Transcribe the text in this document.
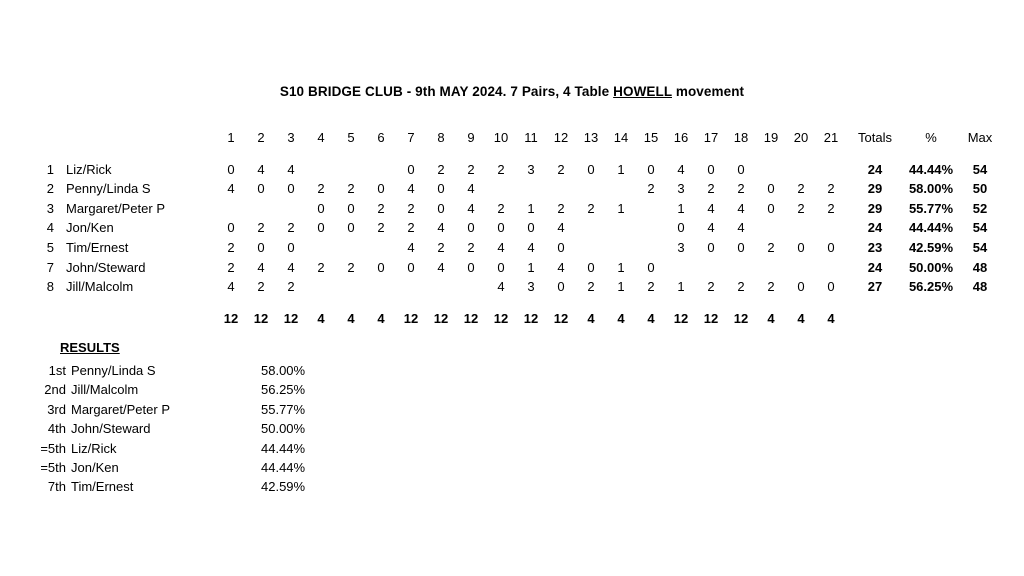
S10 BRIDGE CLUB - 9th MAY 2024. 7 Pairs, 4 Table HOWELL movement
		1	2	3	4	5	6	7	8	9	10	11	12	13	14	15	16	17	18	19	20	21	Totals	%	Max
1	Liz/Rick	0	4	4				0	2	2	2	3	2	0	1	0	4	0	0				24	44.44%	54
2	Penny/Linda S	4	0	0	2	2	0	4	0	4						2	3	2	2	0	2	2	29	58.00%	50
3	Margaret/Peter P				0	0	2	2	0	4	2	1	2	2	1		1	4	4	0	2	2	29	55.77%	52
4	Jon/Ken	0	2	2	0	0	2	2	4	0	0	0	4				0	4	4				24	44.44%	54
5	Tim/Ernest	2	0	0				4	2	2	4	4	0				3	0	0	2	0	0	23	42.59%	54
7	John/Steward	2	4	4	2	2	0	0	4	0	0	1	4	0	1	0							24	50.00%	48
8	Jill/Malcolm	4	2	2							4	3	0	2	1	2	1	2	2	2	0	0	27	56.25%	48
		12	12	12	4	4	4	12	12	12	12	12	12	4	4	4	12	12	12	4	4	4			
RESULTS
1st	Penny/Linda S	58.00%
2nd	Jill/Malcolm	56.25%
3rd	Margaret/Peter P	55.77%
4th	John/Steward	50.00%
=5th	Liz/Rick	44.44%
=5th	Jon/Ken	44.44%
7th	Tim/Ernest	42.59%
